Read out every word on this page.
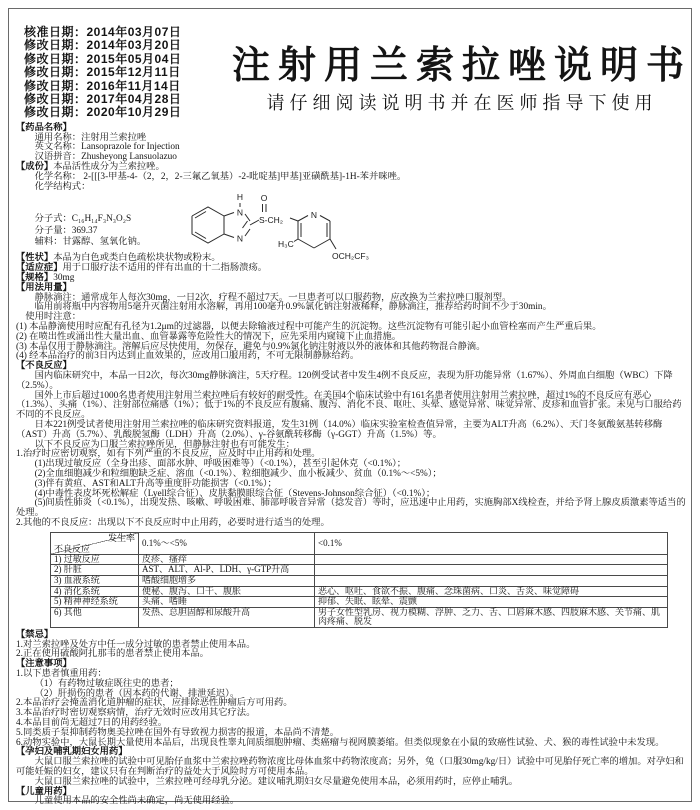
核准日期：2014年03月07日
修改日期：2014年03月20日
修改日期：2015年05月04日
修改日期：2015年12月11日
修改日期：2016年11月14日
修改日期：2017年04月28日
修改日期：2020年10月29日
注射用兰索拉唑说明书
请仔细阅读说明书并在医师指导下使用
【药品名称】
通用名称：注射用兰索拉唑
英文名称：Lansoprazole for Injection
汉语拼音：Zhusheyong Lansuolazuo
【成份】本品活性成分为兰索拉唑。
化学名称： 2-[[[3-甲基-4-（2，2，2-三氟乙氧基）-2-吡啶基]甲基]亚磺酰基]-1H-苯并咪唑。
化学结构式：
H
N
N
O
S-CH₂	N
H₃C
OCH₂CF₃
分子式：C₁₆H₁₄F₃N₃O₂S
分子量：369.37
辅料：甘露醇、氢氧化钠。
【性状】本品为白色或类白色疏松块状物或粉末。
【适应症】用于口服疗法不适用的伴有出血的十二指肠溃疡。
【规格】30mg
【用法用量】
静脉滴注：通常成年人每次30mg，一日2次，疗程不超过7天。一旦患者可以口服药物，应改换为兰索拉唑口服剂型。
临用前将瓶中内容物用5毫升灭菌注射用水溶解，再用100毫升0.9%氯化钠注射液稀释，静脉滴注，推荐给药时间不少于30min。
使用时注意：
(1) 本品静滴使用时应配有孔径为1.2μm的过滤器，以便去除输液过程中可能产生的沉淀物。这些沉淀物有可能引起小血管栓塞而产生严重后果。
(2) 在喷出性或涌出性大量出血、血管暴露等危险性大的情况下，应先采用内窥镜下止血措施。
(3) 本品仅用于静脉滴注。溶解后应尽快使用，勿保存，避免与0.9%氯化钠注射液以外的液体和其他药物混合静滴。
(4) 经本品治疗的前3日内达到止血效果的，应改用口服用药，不可无限制静脉给药。
【不良反应】
国内临床研究中，本品一日2次，每次30mg静脉滴注，5天疗程。120例受试者中发生4例不良反应，表现为肝功能异常（1.67%）、外周血白细胞（WBC）下降（2.5%）。
国外上市后超过1000名患者使用注射用兰索拉唑后有较好的耐受性。在美国4个临床试验中有161名患者使用注射用兰索拉唑，超过1%的不良反应有恶心（1.3%）、头痛（1%）、注射部位痛感（1%）；低于1%的不良反应有腹痛、腹泻、消化不良、呕吐、头晕、感觉异常、味觉异常、皮疹和血管扩张。未见与口服给药不同的不良反应。
日本221例受试者使用注射用兰索拉唑的临床研究资料报道，发生31例（14.0%）临床实验室检查值异常，主要为ALT升高（6.2%）、天门冬氨酸氨基转移酶（AST）升高（5.7%）、乳酸脱氢酶（LDH）升高（2.0%）、γ-谷氨酰转移酶（γ-GGT）升高（1.5%）等。
以下不良反应为口服兰索拉唑所见，但静脉注射也有可能发生：
1.治疗时应密切观察，如有下列严重的不良反应，应及时中止用药和处理。
(1)出现过敏反应（全身出疹、面部水肿、呼吸困难等）（<0.1%），甚至引起休克（<0.1%）；
(2)全血细胞减少和粒细胞缺乏症、溶血（<0.1%）、粒细胞减少、血小板减少、贫血（0.1%～<5%）；
(3)伴有黄疸、AST和ALT升高等重度肝功能损害（<0.1%）；
(4)中毒性表皮坏死松解症（Lyell综合征）、皮肤黏膜眼综合征（Stevens-Johnson综合征）（<0.1%）；
(5)间质性肺炎（<0.1%），出现发热、咳嗽、呼吸困难、肺部呼吸音异常（捻发音）等时，应迅速中止用药，实施胸部X线检查，并给予肾上腺皮质激素等适当的处理。
2.其他的不良反应：出现以下不良反应时中止用药，必要时进行适当的处理。
发生率
不良反应
0.1%～<5%	<0.1%
1) 过敏反应	皮疹、瘙痒
2) 肝脏	AST、ALT、Al-P、LDH、γ-GTP升高
3) 血液系统	嗜酸细胞增多
4) 消化系统	便秘、腹泻、口干、腹胀	恶心、呕吐、食欲不振、腹痛、念珠菌病、口炎、舌炎、味觉障碍
5) 精神神经系统	头痛、嗜睡	抑郁、失眠、眩晕、震颤
6) 其他	发热、总胆固醇和尿酸升高	男子女性型乳房、视力模糊、浮肿、乏力、舌、口唇麻木感、四肢麻木感、关节痛、肌肉疼痛、脱发
【禁忌】
1.对兰索拉唑及处方中任一成分过敏的患者禁止使用本品。
2.正在使用硫酸阿扎那韦的患者禁止使用本品。
【注意事项】
1.以下患者慎重用药：
（1）有药物过敏症既往史的患者；
（2）肝损伤的患者（因本药的代谢、排泄延迟）。
2.本品治疗会掩盖消化道肿瘤的症状，应排除恶性肿瘤后方可用药。
3.本品治疗时密切观察病情，治疗无效时应改用其它疗法。
4.本品目前尚无超过7日的用药经验。
5.同类质子泵抑制药物奥美拉唑在国外有导致视力损害的报道，本品尚不清楚。
6.动物实验中，大鼠长期大量使用本品后，出现良性睾丸间质细胞肿瘤、类癌瘤与视网膜萎缩。但类似现象在小鼠的致癌性试验、犬、猴的毒性试验中未发现。
【孕妇及哺乳期妇女用药】
大鼠口服兰索拉唑的试验中可见胎仔血浆中兰索拉唑药物浓度比母体血浆中药物浓度高；另外，兔（口服30mg/kg/日）试验中可见胎仔死亡率的增加。对孕妇和可能妊娠的妇女，建议只有在判断治疗的益处大于风险时方可使用本品。
大鼠口服兰索拉唑的试验中，兰索拉唑可经母乳分泌。建议哺乳期妇女尽量避免使用本品，必须用药时，应停止哺乳。
【儿童用药】
儿童使用本品的安全性尚未确定，尚无使用经验。
